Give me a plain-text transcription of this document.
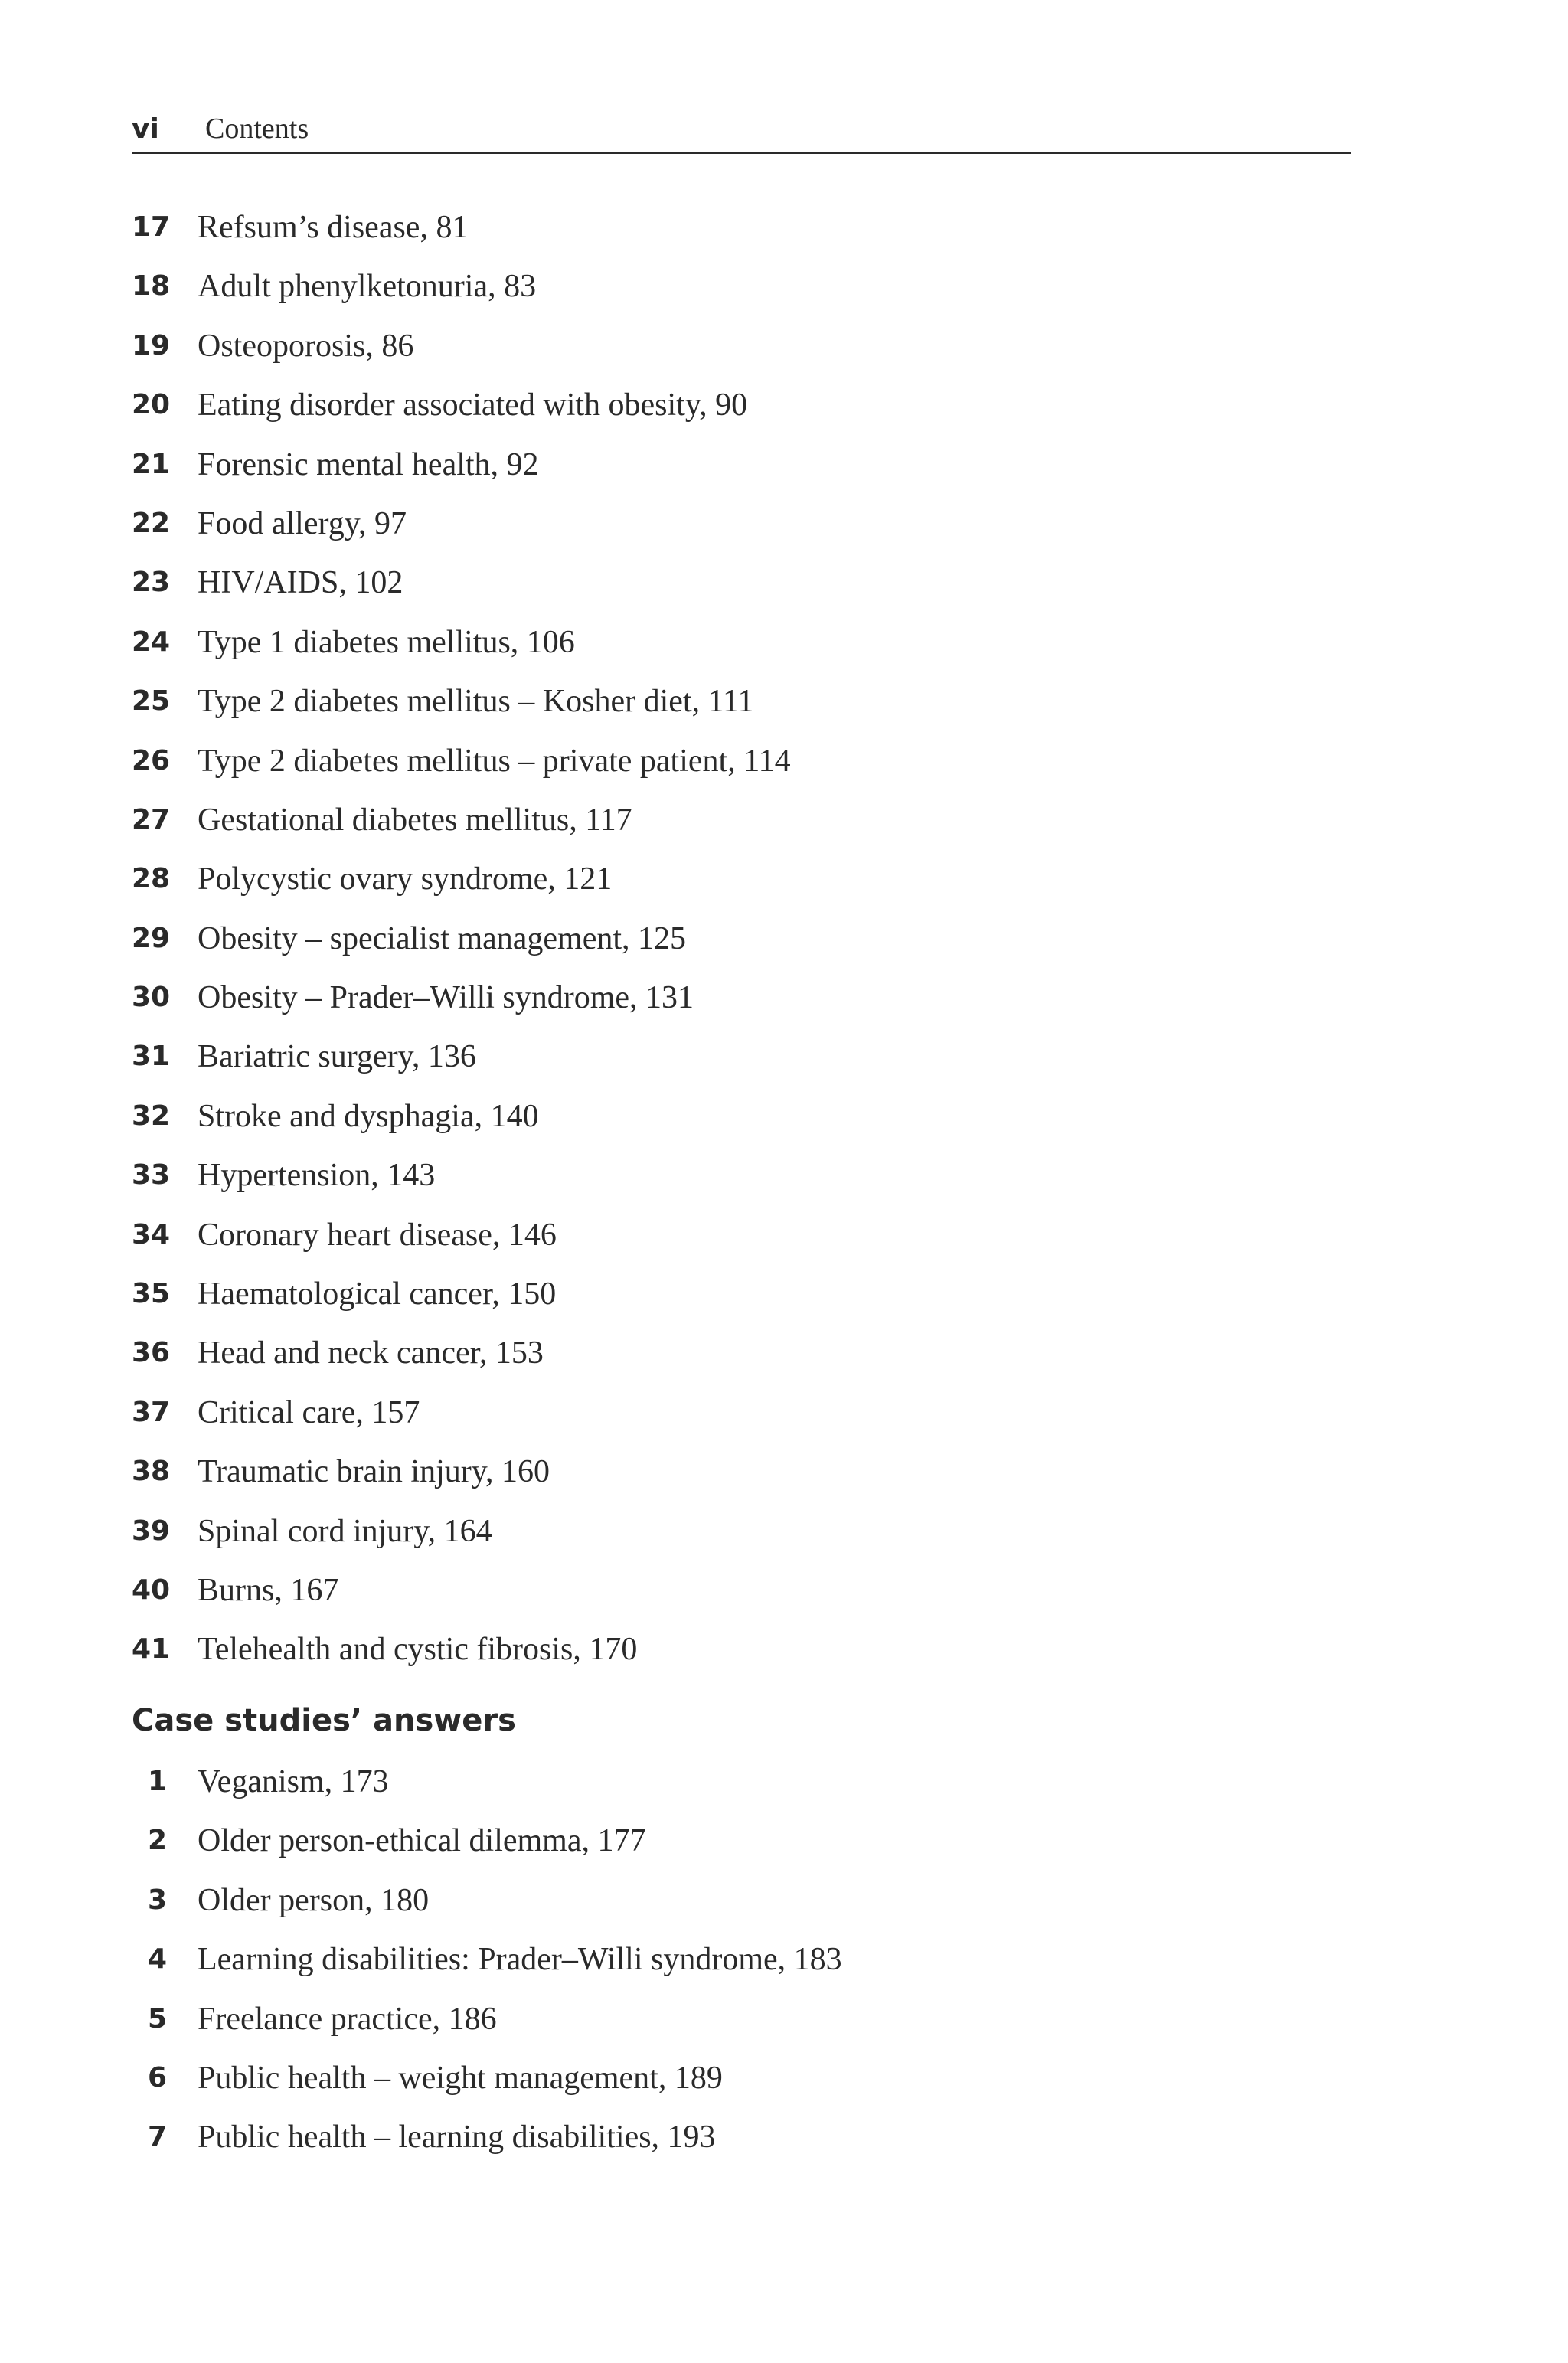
vi Contents
17 Refsum’s disease, 81
18 Adult phenylketonuria, 83
19 Osteoporosis, 86
20 Eating disorder associated with obesity, 90
21 Forensic mental health, 92
22 Food allergy, 97
23 HIV/AIDS, 102
24 Type 1 diabetes mellitus, 106
25 Type 2 diabetes mellitus – Kosher diet, 111
26 Type 2 diabetes mellitus – private patient, 114
27 Gestational diabetes mellitus, 117
28 Polycystic ovary syndrome, 121
29 Obesity – specialist management, 125
30 Obesity – Prader–Willi syndrome, 131
31 Bariatric surgery, 136
32 Stroke and dysphagia, 140
33 Hypertension, 143
34 Coronary heart disease, 146
35 Haematological cancer, 150
36 Head and neck cancer, 153
37 Critical care, 157
38 Traumatic brain injury, 160
39 Spinal cord injury, 164
40 Burns, 167
41 Telehealth and cystic fibrosis, 170
Case studies’ answers
1 Veganism, 173
2 Older person-ethical dilemma, 177
3 Older person, 180
4 Learning disabilities: Prader–Willi syndrome, 183
5 Freelance practice, 186
6 Public health – weight management, 189
7 Public health – learning disabilities, 193
